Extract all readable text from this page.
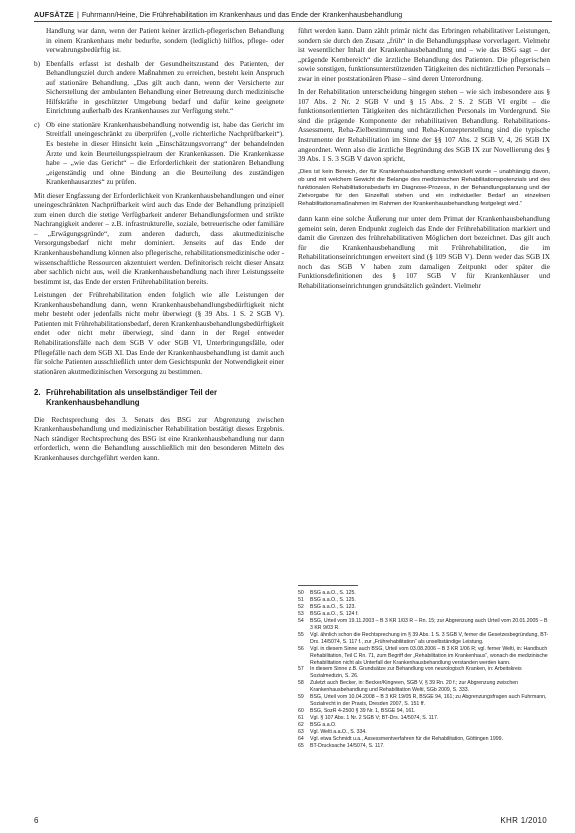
AUFSÄTZE | Fuhrmann/Heine, Die Frührehabilitation im Krankenhaus und das Ende der Krankenhausbehandlung

Handlung war dann, wenn der Patient keiner ärztlich-pflegerischen Behandlung in einem Krankenhaus mehr bedurfte, sondern (lediglich) hilflos, pflege- oder verwahrungsbedürftig ist.

b) Ebenfalls erfasst ist deshalb der Gesundheitszustand des Patienten, der Behandlungsziel durch andere Maßnahmen zu erreichen, besteht kein Anspruch auf stationäre Behandlung. „Das gilt auch dann, wenn der Versicherte zur Sicherstellung der ambulanten Behandlung einer Betreuung durch medizinische Hilfskräfte in geschützter Umgebung bedarf und dafür keine geeignete Einrichtung außerhalb des Krankenhauses zur Verfügung steht.“
c) Ob eine stationäre Krankenhausbehandlung notwendig ist, habe das Gericht im Streitfall uneingeschränkt zu überprüfen („volle richterliche Nachprüfbarkeit“). Es bestehe in dieser Hinsicht kein „Einschätzungsvorrang“ der behandelnden Ärzte und kein Beurteilungsspielraum der Krankenkassen. Die Krankenkasse habe – „wie das Gericht“ – die Erforderlichkeit der stationären Behandlung „eigenständig und ohne Bindung an die Beurteilung des zuständigen Krankenhausarztes“ zu prüfen.

Mit dieser Engfassung der Erforderlichkeit von Krankenhausbehandlungen und einer uneingeschränkten Nachprüfbarkeit wird auch das Ende der Behandlung prinzipiell zum einen durch die stetige Verfügbarkeit anderer Behandlungsformen und strikte Nachrangigkeit anderer – z.B. infrastrukturelle, soziale, betreuerische oder familiäre – „Erwägungsgründe“, zum anderen dadurch, dass akutmedizinische Versorgungsbedarf nicht mehr dominiert. Jenseits auf das Ende der Krankenhausbehandlung können also pflegerische, rehabilitationsmedizinische oder -wissenschaftliche Ressourcen akzentuiert werden. Definitorisch reicht dieser Ansatz aber sachlich nicht aus, weil die Krankenhausbehandlung nach ihrer Leistungsseite bestimmt ist, das Ende der ersten Frührehabilitation bereits.

Leistungen der Frührehabilitation enden folglich wie alle Leistungen der Krankenhausbehandlung dann, wenn Krankenhausbehandlungsbedürftigkeit nicht mehr besteht oder jedenfalls nicht mehr überwiegt (§ 39 Abs. 1 S. 2 SGB V). Patienten mit Frührehabilitationsbedarf, deren Krankenhausbehandlungsbedürftigkeit endet oder nicht mehr überwiegt, sind dann in der Regel entweder Rehabilitationsfälle nach dem SGB V oder SGB VI, Unterbringungsfälle, oder Pflegefälle nach dem SGB XI. Das Ende der Krankenhausbehandlung ist damit auch für solche Patienten ausschließlich unter dem Gesichtspunkt der Notwendigkeit einer stationären akutmedizinischen Versorgung zu bestimmen.

2. Frührehabilitation als unselbständiger Teil der Krankenhausbehandlung

Die Rechtsprechung des 3. Senats des BSG zur Abgrenzung zwischen Krankenhausbehandlung und medizinischer Rehabilitation bestätigt dieses Ergebnis. Nach ständiger Rechtsprechung des BSG ist eine Krankenhausbehandlung nur dann erforderlich, wenn die Behandlung ausschließlich mit den besonderen Mitteln des Krankenhauses durchgeführt werden kann.

führt werden kann. Dann zählt primär nicht das Erbringen rehabilitativer Leistungen, sondern sie durch den Zusatz „früh“ in die Behandlungsphase vorverlagert. Vielmehr ist wesentlicher Inhalt der Krankenhausbehandlung und – wie das BSG sagt – der „prägende Kernbereich“ die ärztliche Behandlung des Patienten. Die pflegerischen sowie sonstigen, funktionsunterstützenden Tätigkeiten des nichtärztlichen Personals – zwar in einer poststationären Phase – sind deren Unterordnung.

In der Rehabilitation unterscheidung hingegen stehen – wie sich insbesondere aus § 107 Abs. 2 Nr. 2 SGB V und § 15 Abs. 2 S. 2 SGB VI ergibt – die funktionsorientierten Tätigkeiten des nichtärztlichen Personals im Vordergrund. Sie sind die prägende Komponente der rehabilitativen Behandlung. Rehabilitations-Assessment, Reha-Zielbestimmung und Reha-Konzepterstellung sind die typische Instrumente der Rehabilitation im Sinne der §§ 107 Abs. 2 SGB V, 4, 26 SGB IX angeordnet. Wenn also die ärztliche Begründung des SGB IX zur Novellierung des § 39 Abs. 1 S. 3 SGB V davon spricht,

„Dies ist kein Bereich, der für Krankenhausbehandlung entwickelt wurde – unabhängig davon, ob und mit welchem Gewicht die Belange des medizinischen Rehabilitationspotenzials und des funktionalen Rehabilitationsbedarfs im Diagnose-Prozess, in der Behandlungsplanung und der Zielvorgabe für den Einzelfall stehen und ein individueller Bedarf an einzelnen Rehabilitationsmaßnahmen im Rahmen der Krankenhausbehandlung festgelegt wird.“

dann kann eine solche Äußerung nur unter dem Primat der Krankenhausbehandlung gemeint sein, deren Endpunkt zugleich das Ende der Frührehabilitation markiert und damit die Grenzen des frührehabilitativen Möglichen dort bezeichnet. Das gilt auch für die Krankenhausbehandlung mit Frührehabilitation, die im Rehabilitationseinrichtungen erweitert sind (§ 109 SGB V). Denn weder das SGB IX noch das SGB V haben zum damaligen Zeitpunkt oder später die Funktionsdefinitionen des § 107 SGB V für Krankenhäuser und Rehabilitationseinrichtungen grundsätzlich geändert. Vielmehr

50 BSG a.a.O., S. 125.
51 BSG a.a.O., S. 125.
52 BSG a.a.O., S. 123.
53 BSG a.a.O., S. 124 f.
54 BSG, Urteil vom 19.11.2003 – B 3 KR 1/03 R – Rn. 15; zur Abgrenzung auch Urteil vom 20.01.2005 – B 3 KR 9/03 R.
55 Vgl. ähnlich schon die Rechtsprechung im § 39 Abs. 1 S. 3 SGB V, ferner die Gesetzesbegründung, BT-Drs. 14/5074, S. 117 f., zur „Frührehabilitation“ als unselbständige Leistung.
56 Vgl. in diesem Sinne auch BSG, Urteil vom 03.08.2006 – B 3 KR 1/06 R; vgl. ferner Welti, in: Handbuch Rehabilitation, Teil C Rn. 71, zum Begriff der „Rehabilitation im Krankenhaus“, wonach die medizinische Rehabilitation nicht als Unterfall der Krankenhausbehandlung verstanden werden kann.
57 In diesem Sinne z.B. Grundsätze zur Behandlung von neurologisch Kranken, in: Arbeitskreis Sozialmedizin, S. 26.
58 Zuletzt auch Becker, in: Becker/Kingreen, SGB V, § 39 Rn. 20 f.; zur Abgrenzung zwischen Krankenhausbehandlung und Rehabilitation Welti, SGb 2009, S. 333.
59 BSG, Urteil vom 10.04.2008 – B 3 KR 19/05 R, BSGE 94, 161; zu Abgrenzungsfragen auch Fuhrmann, Sozialrecht in der Praxis, Dresden 2007, S. 151 ff.
60 BSG, SozR 4-2500 § 39 Nr. 1, BSGE 94, 161.
61 Vgl. § 107 Abs. 1 Nr. 2 SGB V; BT-Drs. 14/5074, S. 117.
62 BSG a.a.O.
63 Vgl. Welti a.a.O., S. 334.
64 Vgl. etwa Schmidt u.a., Assessmentverfahren für die Rehabilitation, Göttingen 1999.
65 BT-Drucksache 14/5074, S. 117.
6	KHR 1/2010
